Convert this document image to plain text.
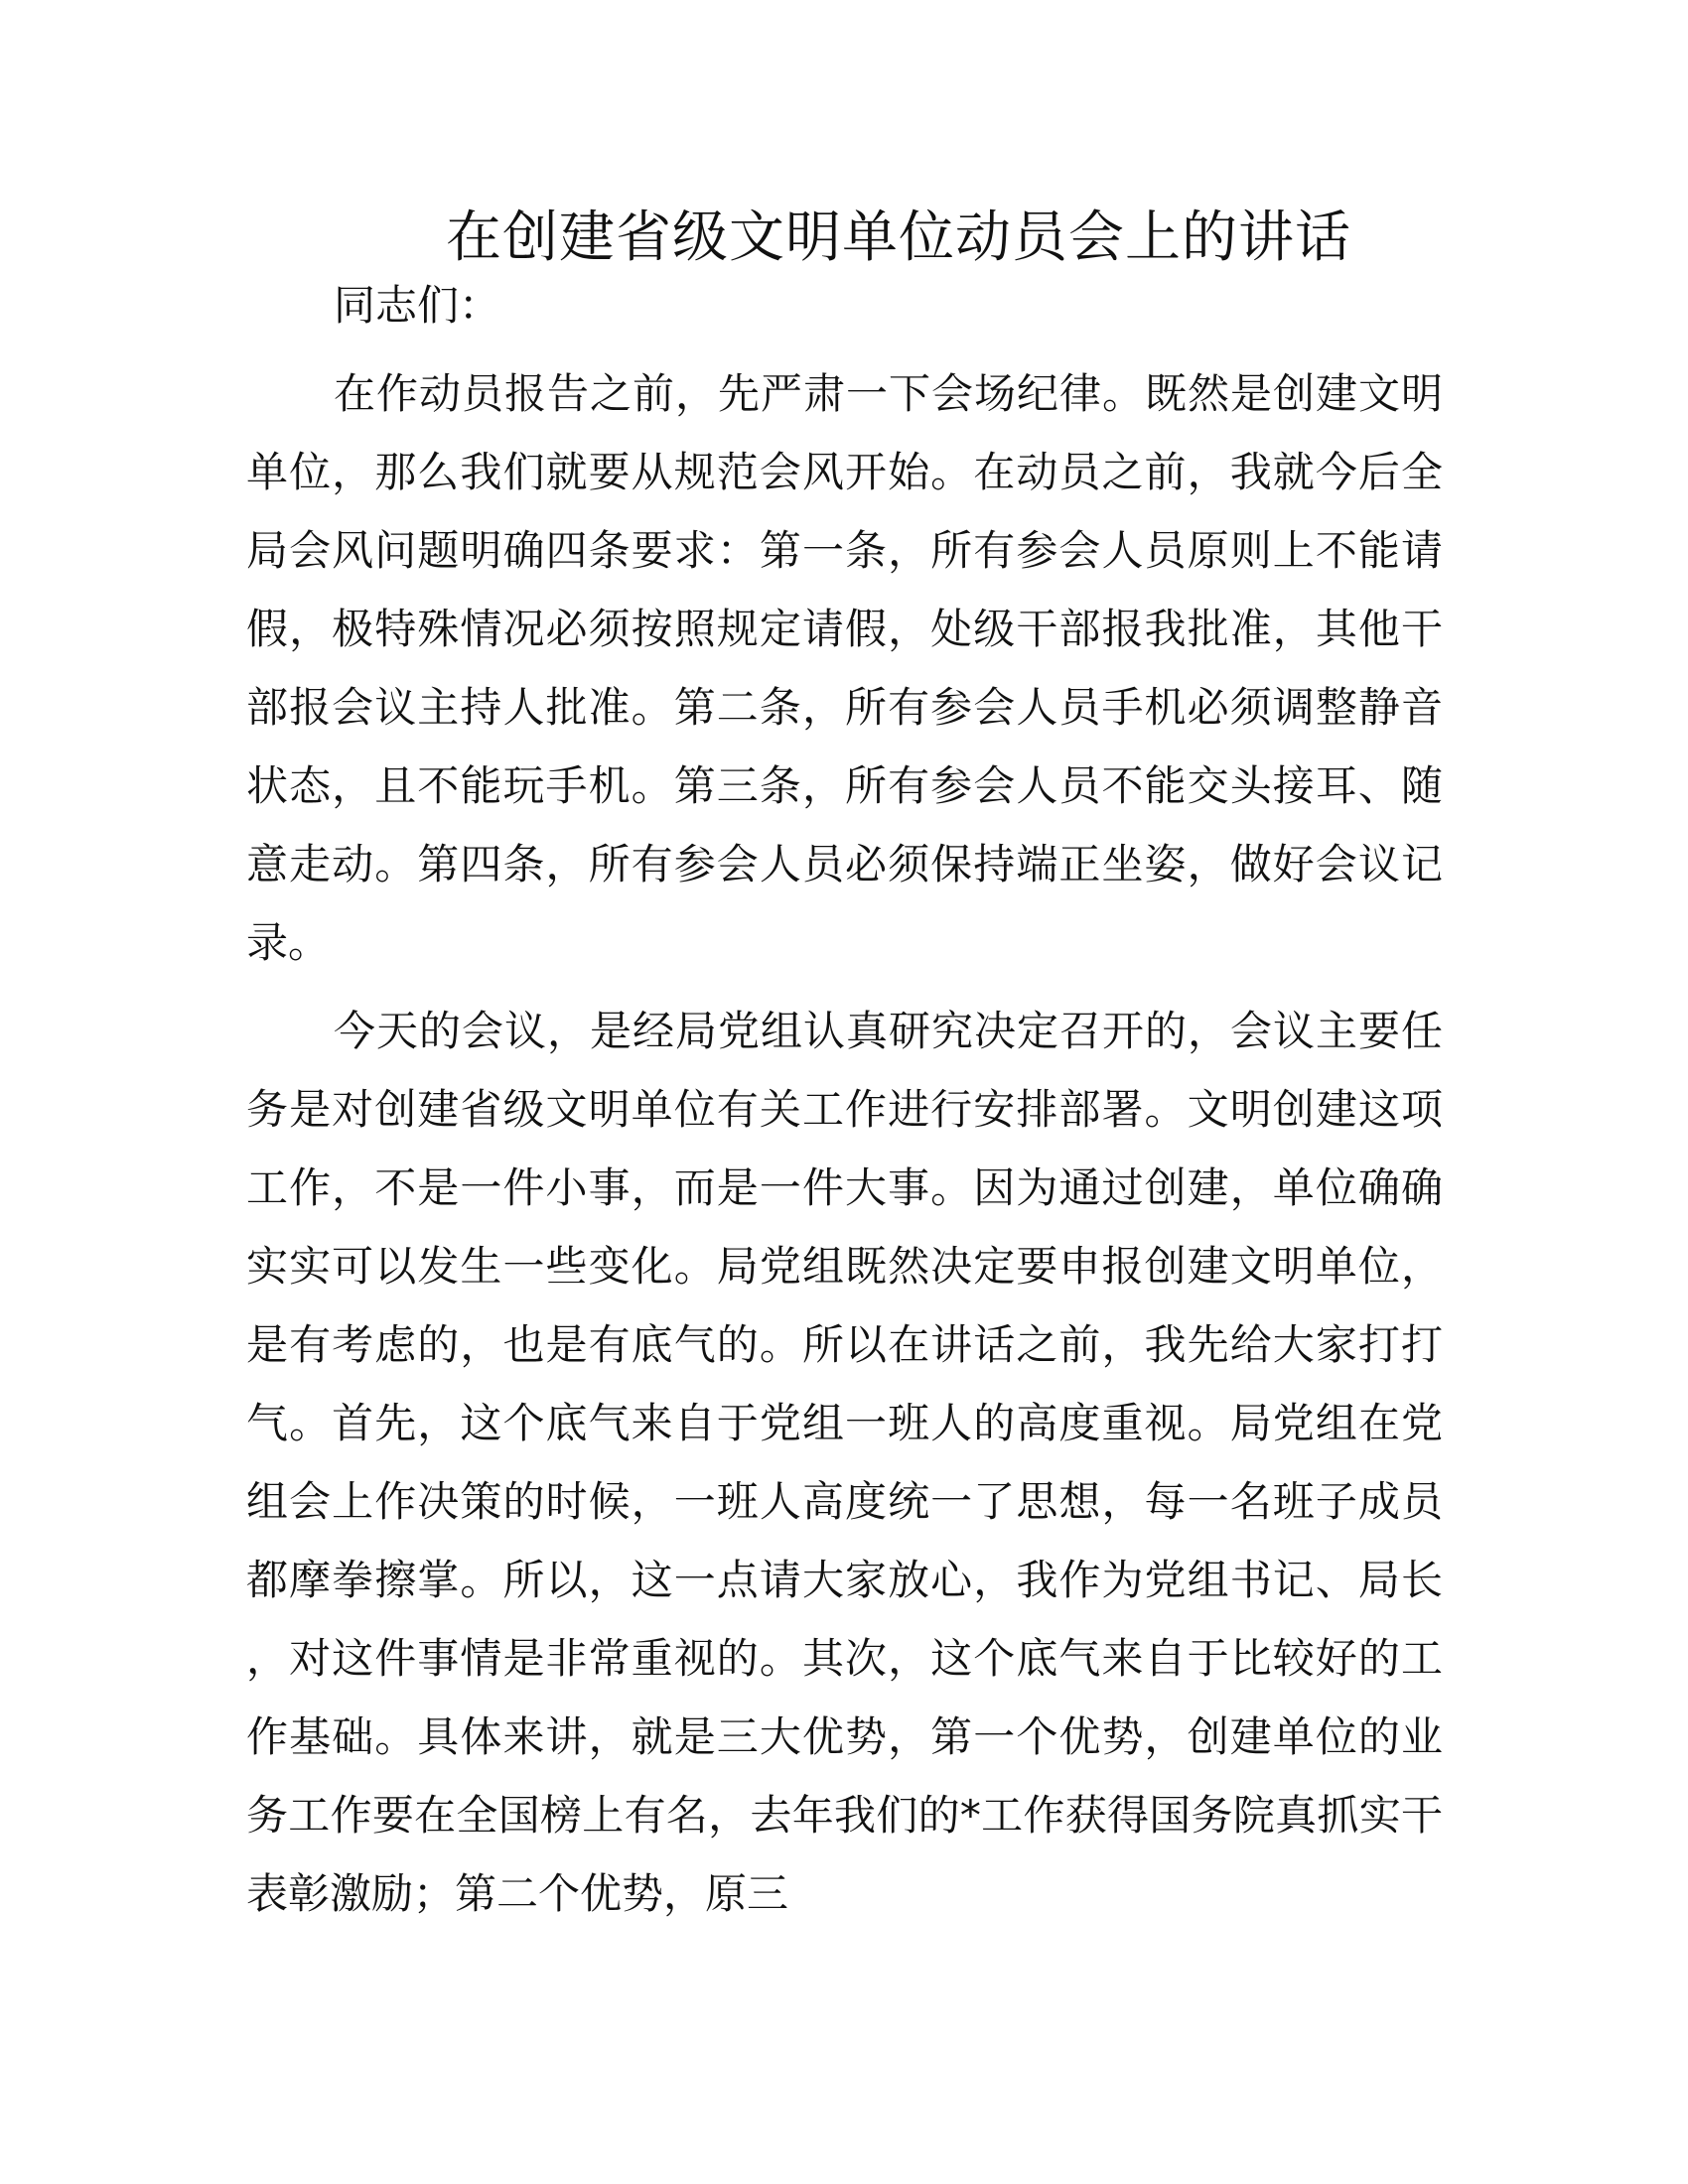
在创建省级文明单位动员会上的讲话

同志们：

在作动员报告之前，先严肃一下会场纪律。既然是创建文明单位，那么我们就要从规范会风开始。在动员之前，我就今后全局会风问题明确四条要求：第一条，所有参会人员原则上不能请假，极特殊情况必须按照规定请假，处级干部报我批准，其他干部报会议主持人批准。第二条，所有参会人员手机必须调整静音状态，且不能玩手机。第三条，所有参会人员不能交头接耳、随意走动。第四条，所有参会人员必须保持端正坐姿，做好会议记录。

今天的会议，是经局党组认真研究决定召开的，会议主要任务是对创建省级文明单位有关工作进行安排部署。文明创建这项工作，不是一件小事，而是一件大事。因为通过创建，单位确确实实可以发生一些变化。局党组既然决定要申报创建文明单位，是有考虑的，也是有底气的。所以在讲话之前，我先给大家打打气。首先，这个底气来自于党组一班人的高度重视。局党组在党组会上作决策的时候，一班人高度统一了思想，每一名班子成员都摩拳擦掌。所以，这一点请大家放心，我作为党组书记、局长，对这件事情是非常重视的。其次，这个底气来自于比较好的工作基础。具体来讲，就是三大优势，第一个优势，创建单位的业务工作要在全国榜上有名，去年我们的*工作获得国务院真抓实干表彰激励；第二个优势，原三
